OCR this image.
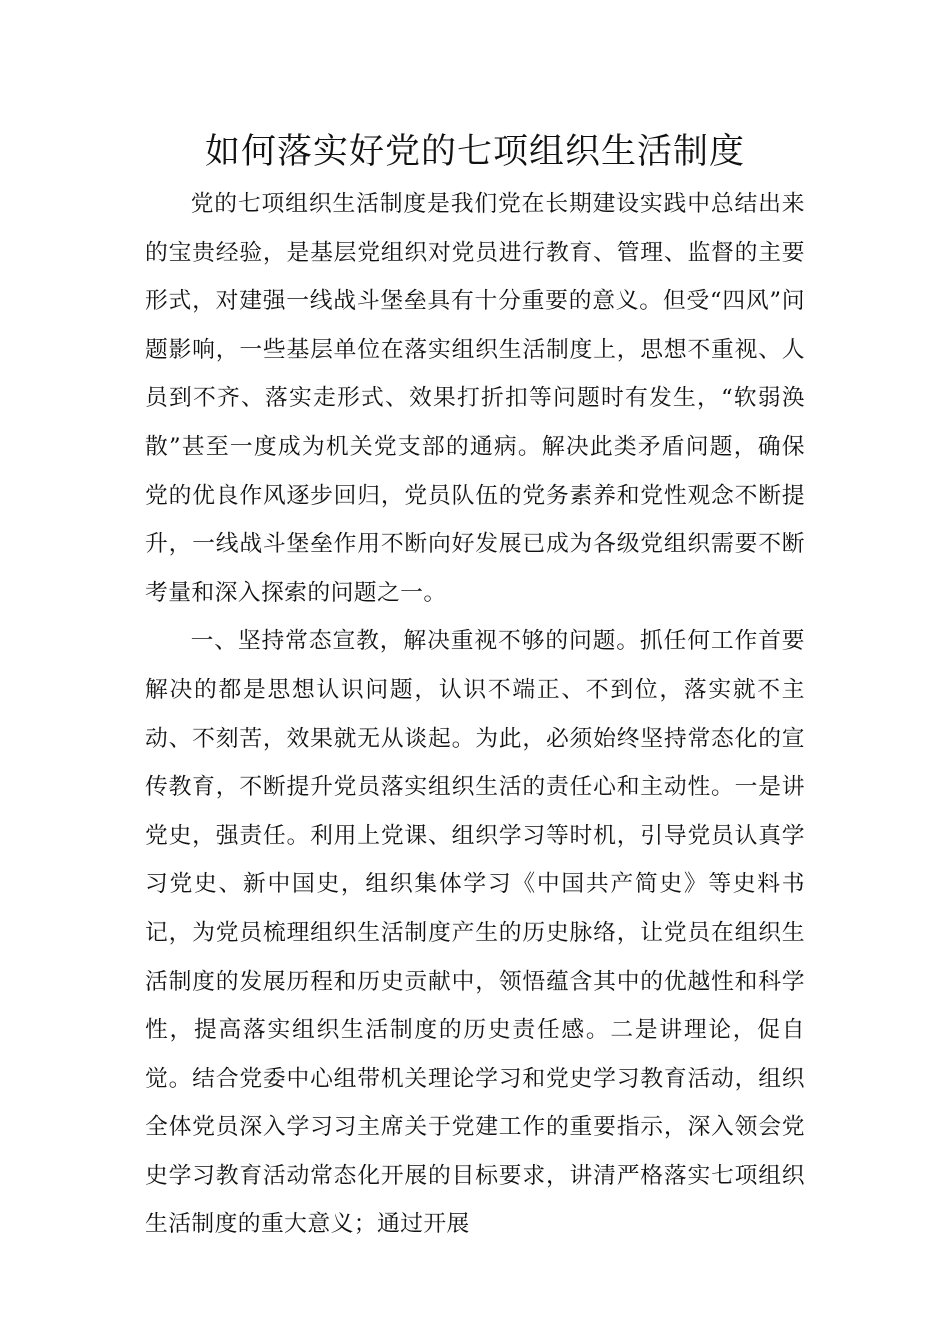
如何落实好党的七项组织生活制度

党的七项组织生活制度是我们党在长期建设实践中总结出来的宝贵经验，是基层党组织对党员进行教育、管理、监督的主要形式，对建强一线战斗堡垒具有十分重要的意义。但受“四风”问题影响，一些基层单位在落实组织生活制度上，思想不重视、人员到不齐、落实走形式、效果打折扣等问题时有发生，“软弱涣散”甚至一度成为机关党支部的通病。解决此类矛盾问题，确保党的优良作风逐步回归，党员队伍的党务素养和党性观念不断提升，一线战斗堡垒作用不断向好发展已成为各级党组织需要不断考量和深入探索的问题之一。

一、坚持常态宣教，解决重视不够的问题。抓任何工作首要解决的都是思想认识问题，认识不端正、不到位，落实就不主动、不刻苦，效果就无从谈起。为此，必须始终坚持常态化的宣传教育，不断提升党员落实组织生活的责任心和主动性。一是讲党史，强责任。利用上党课、组织学习等时机，引导党员认真学习党史、新中国史，组织集体学习《中国共产简史》等史料书记，为党员梳理组织生活制度产生的历史脉络，让党员在组织生活制度的发展历程和历史贡献中，领悟蕴含其中的优越性和科学性，提高落实组织生活制度的历史责任感。二是讲理论，促自觉。结合党委中心组带机关理论学习和党史学习教育活动，组织全体党员深入学习习主席关于党建工作的重要指示，深入领会党史学习教育活动常态化开展的目标要求，讲清严格落实七项组织生活制度的重大意义；通过开展
